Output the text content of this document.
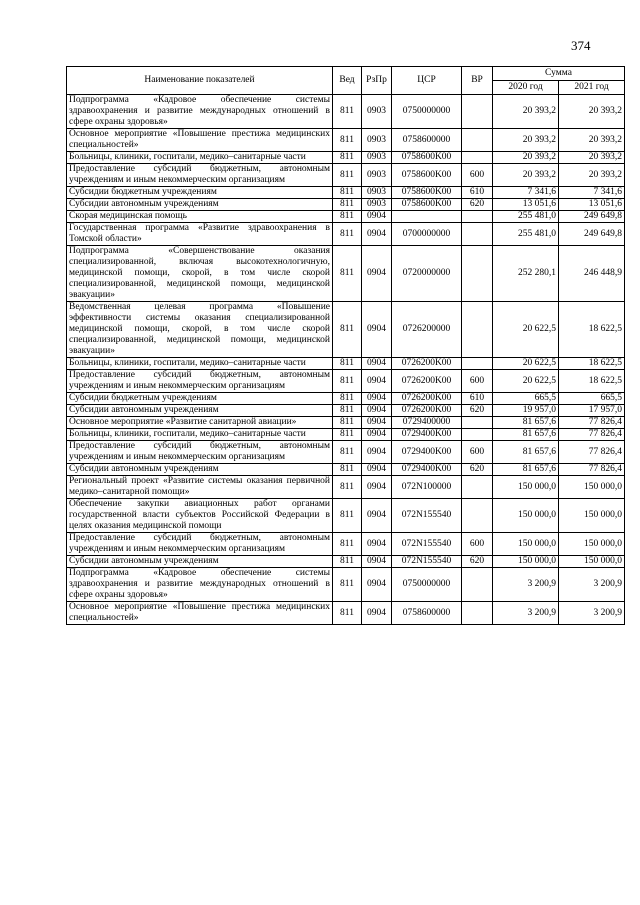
374
Наименование показателей	Вед	РзПр	ЦСР	ВР	Сумма	
					2020 год	2021 год
Подпрограмма «Кадровое обеспечение системы здравоохранения и развитие международных отношений в сфере охраны здоровья»	811	0903	0750000000		20 393,2	20 393,2
Основное мероприятие «Повышение престижа медицинских специальностей»	811	0903	0758600000		20 393,2	20 393,2
Больницы, клиники, госпитали, медико–санитарные части	811	0903	0758600K00		20 393,2	20 393,2
Предоставление субсидий бюджетным, автономным учреждениям и иным некоммерческим организациям	811	0903	0758600K00	600	20 393,2	20 393,2
Субсидии бюджетным учреждениям	811	0903	0758600K00	610	7 341,6	7 341,6
Субсидии автономным учреждениям	811	0903	0758600K00	620	13 051,6	13 051,6
Скорая медицинская помощь	811	0904			255 481,0	249 649,8
Государственная программа «Развитие здравоохранения в Томской области»	811	0904	0700000000		255 481,0	249 649,8
Подпрограмма «Совершенствование оказания специализированной, включая высокотехнологичную, медицинской помощи, скорой, в том числе скорой специализированной, медицинской помощи, медицинской эвакуации»	811	0904	0720000000		252 280,1	246 448,9
Ведомственная целевая программа «Повышение эффективности системы оказания специализированной медицинской помощи, скорой, в том числе скорой специализированной, медицинской помощи, медицинской эвакуации»	811	0904	0726200000		20 622,5	18 622,5
Больницы, клиники, госпитали, медико–санитарные части	811	0904	0726200K00		20 622,5	18 622,5
Предоставление субсидий бюджетным, автономным учреждениям и иным некоммерческим организациям	811	0904	0726200K00	600	20 622,5	18 622,5
Субсидии бюджетным учреждениям	811	0904	0726200K00	610	665,5	665,5
Субсидии автономным учреждениям	811	0904	0726200K00	620	19 957,0	17 957,0
Основное мероприятие «Развитие санитарной авиации»	811	0904	0729400000		81 657,6	77 826,4
Больницы, клиники, госпитали, медико–санитарные части	811	0904	0729400K00		81 657,6	77 826,4
Предоставление субсидий бюджетным, автономным учреждениям и иным некоммерческим организациям	811	0904	0729400K00	600	81 657,6	77 826,4
Субсидии автономным учреждениям	811	0904	0729400K00	620	81 657,6	77 826,4
Региональный проект «Развитие системы оказания первичной медико–санитарной помощи»	811	0904	072N100000		150 000,0	150 000,0
Обеспечение закупки авиационных работ органами государственной власти субъектов Российской Федерации в целях оказания медицинской помощи	811	0904	072N155540		150 000,0	150 000,0
Предоставление субсидий бюджетным, автономным учреждениям и иным некоммерческим организациям	811	0904	072N155540	600	150 000,0	150 000,0
Субсидии автономным учреждениям	811	0904	072N155540	620	150 000,0	150 000,0
Подпрограмма «Кадровое обеспечение системы здравоохранения и развитие международных отношений в сфере охраны здоровья»	811	0904	0750000000		3 200,9	3 200,9
Основное мероприятие «Повышение престижа медицинских специальностей»	811	0904	0758600000		3 200,9	3 200,9
